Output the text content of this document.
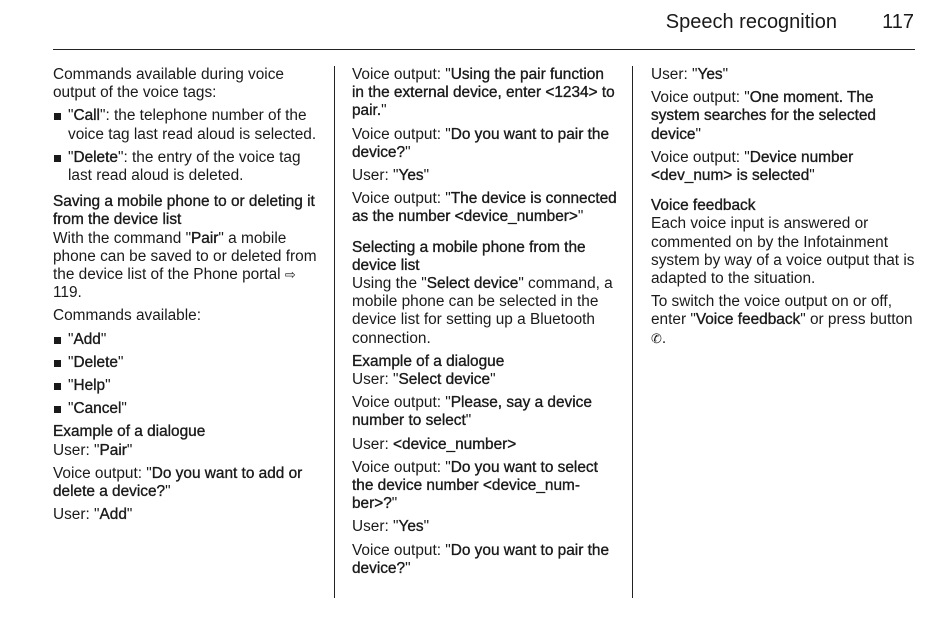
Speech recognition 117

Commands available during voice output of the voice tags:

"Call": the telephone number of the voice tag last read aloud is selected.
"Delete": the entry of the voice tag last read aloud is deleted.

Saving a mobile phone to or deleting it from the device list

With the command "Pair" a mobile phone can be saved to or deleted from the device list of the Phone portal ⇨ 119.

Commands available:

"Add"
"Delete"
"Help"
"Cancel"

Example of a dialogue

User: "Pair"

Voice output: "Do you want to add or delete a device?"

User: "Add"

Voice output: "Using the pair function in the external device, enter <1234> to pair."

Voice output: "Do you want to pair the device?"

User: "Yes"

Voice output: "The device is connected as the number <device_number>"

Selecting a mobile phone from the device list

Using the "Select device" command, a mobile phone can be selected in the device list for setting up a Bluetooth connection.

Example of a dialogue

User: "Select device"

Voice output: "Please, say a device number to select"

User: <device_number>

Voice output: "Do you want to select the device number <device_num-ber>?"

User: "Yes"

Voice output: "Do you want to pair the device?"

User: "Yes"

Voice output: "One moment. The system searches for the selected device"

Voice output: "Device number <dev_num> is selected"

Voice feedback

Each voice input is answered or commented on by the Infotainment system by way of a voice output that is adapted to the situation.

To switch the voice output on or off, enter "Voice feedback" or press button ✆.
